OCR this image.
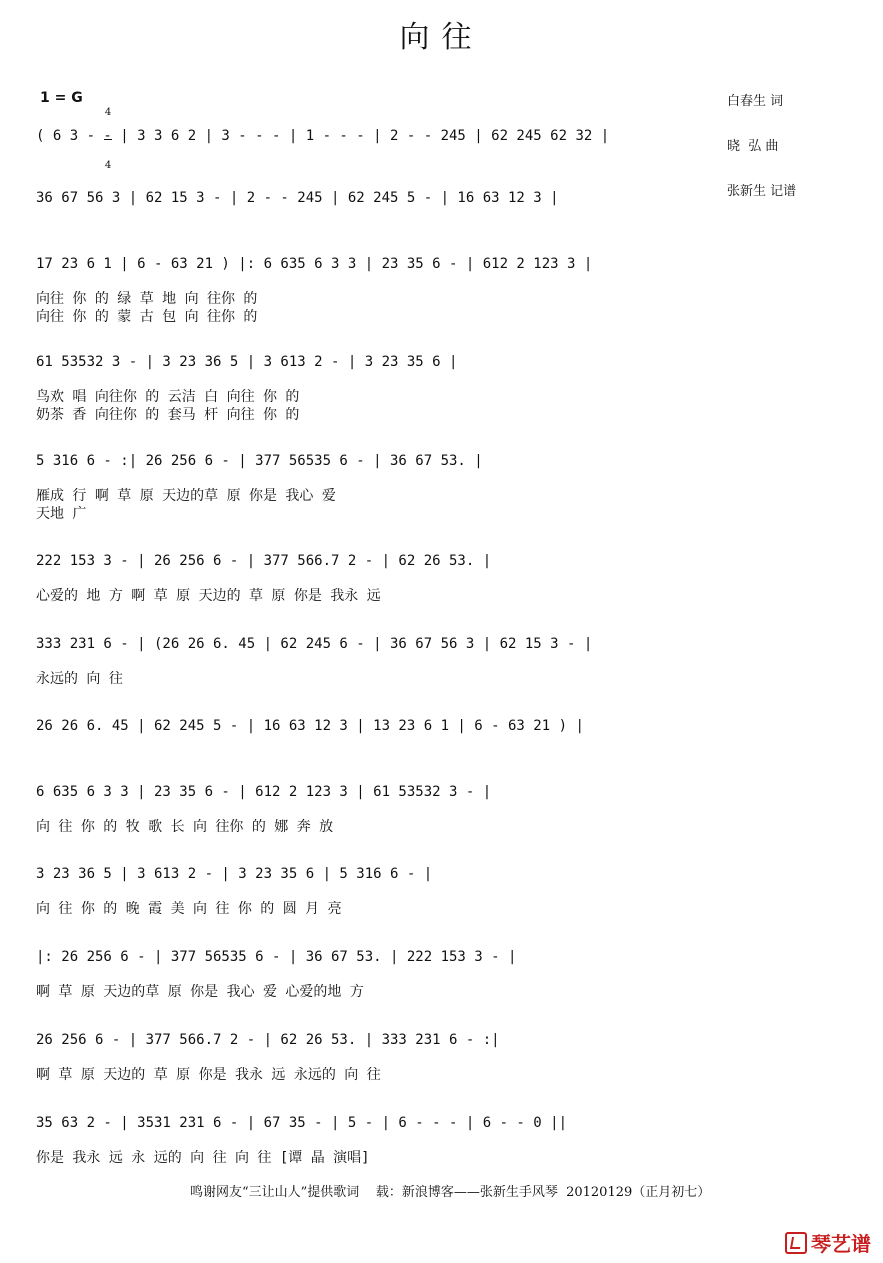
向往

白春生 词

晓  弘 曲

张新生 记谱

1 = G

4

4

( 6 3 - - | 3 3 6 2 | 3 - - - | 1 - - - | 2 - - 245 | 62 245 62 32 |
36 67 56 3 | 62 15 3 - | 2 - - 245 | 62 245 5 - | 16 63 12 3 |
17 23 6 1 | 6 - 63 21 ) |: 6 635 6 3 3 | 23 35 6 - | 612 2 123 3 |
向往 你 的 绿 草 地 向 往你 的
向往 你 的 蒙 古 包 向 往你 的
61 53532 3 - | 3 23 36 5 | 3 613 2 - | 3 23 35 6 |
鸟欢 唱 向往你 的 云洁 白 向往 你 的
奶茶 香 向往你 的 套马 杆 向往 你 的
5 316 6 - :| 26 256 6 - | 377 56535 6 - | 36 67 53. |
雁成 行 啊 草 原 天边的草 原 你是 我心 爱
天地 广
222 153 3 - | 26 256 6 - | 377 566.7 2 - | 62 26 53. |
心爱的 地 方 啊 草 原 天边的 草 原 你是 我永 远
333 231 6 - | (26 26 6. 45 | 62 245 6 - | 36 67 56 3 | 62 15 3 - |
永远的 向 往
26 26 6. 45 | 62 245 5 - | 16 63 12 3 | 13 23 6 1 | 6 - 63 21 ) |
6 635 6 3 3 | 23 35 6 - | 612 2 123 3 | 61 53532 3 - |
向 往 你 的 牧 歌 长 向 往你 的 娜 奔 放
3 23 36 5 | 3 613 2 - | 3 23 35 6 | 5 316 6 - |
向 往 你 的 晚 霞 美 向 往 你 的 圆 月 亮
|: 26 256 6 - | 377 56535 6 - | 36 67 53. | 222 153 3 - |
啊 草 原 天边的草 原 你是 我心 爱 心爱的地 方
26 256 6 - | 377 566.7 2 - | 62 26 53. | 333 231 6 - :|
啊 草 原 天边的 草 原 你是 我永 远 永远的 向 往
35 63 2 - | 3531 231 6 - | 67 35 - | 5 - | 6 - - - | 6 - - 0 ||
你是 我永 远 永 远的 向 往 向 往 [谭 晶 演唱]
鸣谢网友“三让山人”提供歌词    载：新浪博客——张新生手风琴  20120129（正月初七）
琴艺谱
